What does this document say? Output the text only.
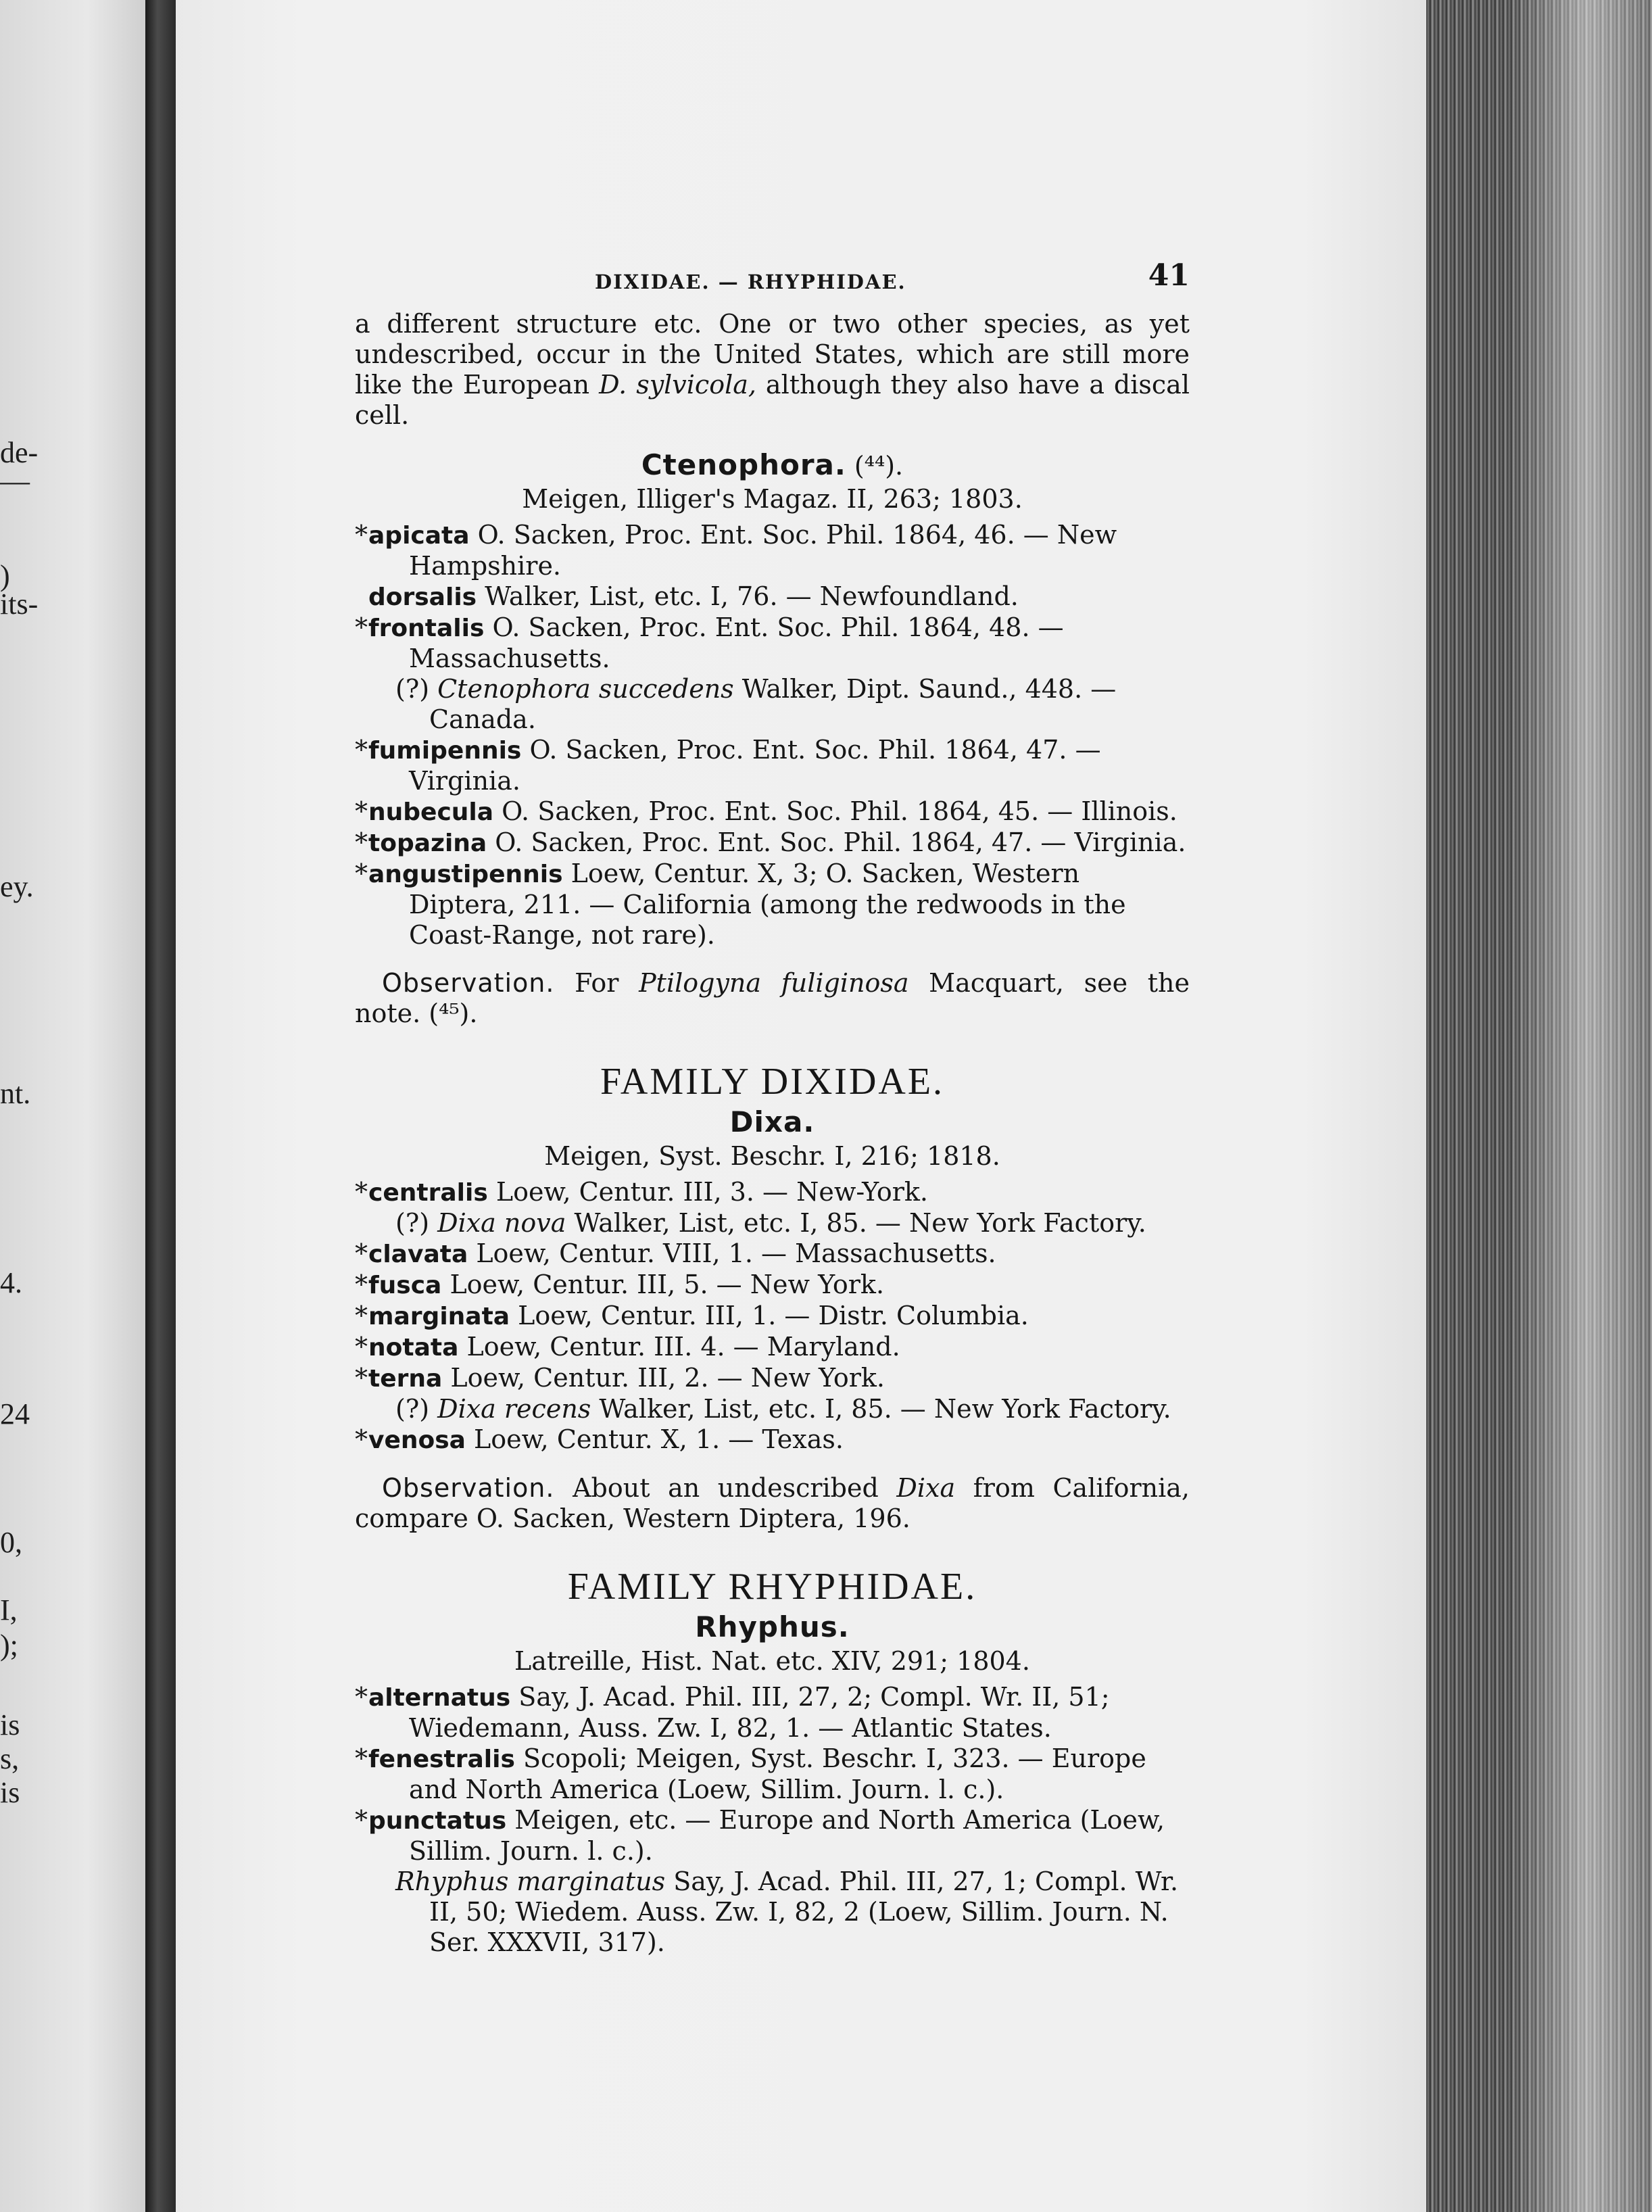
de-
—
)
its-
ey.
nt.
4.
24
0,
I,
);
is
s,
is
DIXIDAE. — RHYPHIDAE.	41

a different structure etc. One or two other species, as yet undescribed, occur in the United States, which are still more like the European D. sylvicola, although they also have a discal cell.

Ctenophora. (⁴⁴).

Meigen, Illiger's Magaz. II, 263; 1803.

*apicata O. Sacken, Proc. Ent. Soc. Phil. 1864, 46. — New Hampshire.

dorsalis Walker, List, etc. I, 76. — Newfoundland.

*frontalis O. Sacken, Proc. Ent. Soc. Phil. 1864, 48. — Massachusetts.

(?) Ctenophora succedens Walker, Dipt. Saund., 448. — Canada.

*fumipennis O. Sacken, Proc. Ent. Soc. Phil. 1864, 47. — Virginia.

*nubecula O. Sacken, Proc. Ent. Soc. Phil. 1864, 45. — Illinois.

*topazina O. Sacken, Proc. Ent. Soc. Phil. 1864, 47. — Virginia.

*angustipennis Loew, Centur. X, 3; O. Sacken, Western Diptera, 211. — California (among the redwoods in the Coast-Range, not rare).

Observation. For Ptilogyna fuliginosa Macquart, see the note. (⁴⁵).

FAMILY DIXIDAE.
Dixa.

Meigen, Syst. Beschr. I, 216; 1818.

*centralis Loew, Centur. III, 3. — New-York.

(?) Dixa nova Walker, List, etc. I, 85. — New York Factory.

*clavata Loew, Centur. VIII, 1. — Massachusetts.

*fusca Loew, Centur. III, 5. — New York.

*marginata Loew, Centur. III, 1. — Distr. Columbia.

*notata Loew, Centur. III. 4. — Maryland.

*terna Loew, Centur. III, 2. — New York.

(?) Dixa recens Walker, List, etc. I, 85. — New York Factory.

*venosa Loew, Centur. X, 1. — Texas.

Observation. About an undescribed Dixa from California, compare O. Sacken, Western Diptera, 196.

FAMILY RHYPHIDAE.
Rhyphus.

Latreille, Hist. Nat. etc. XIV, 291; 1804.

*alternatus Say, J. Acad. Phil. III, 27, 2; Compl. Wr. II, 51; Wiedemann, Auss. Zw. I, 82, 1. — Atlantic States.

*fenestralis Scopoli; Meigen, Syst. Beschr. I, 323. — Europe and North America (Loew, Sillim. Journ. l. c.).

*punctatus Meigen, etc. — Europe and North America (Loew, Sillim. Journ. l. c.).

Rhyphus marginatus Say, J. Acad. Phil. III, 27, 1; Compl. Wr. II, 50; Wiedem. Auss. Zw. I, 82, 2 (Loew, Sillim. Journ. N. Ser. XXXVII, 317).
